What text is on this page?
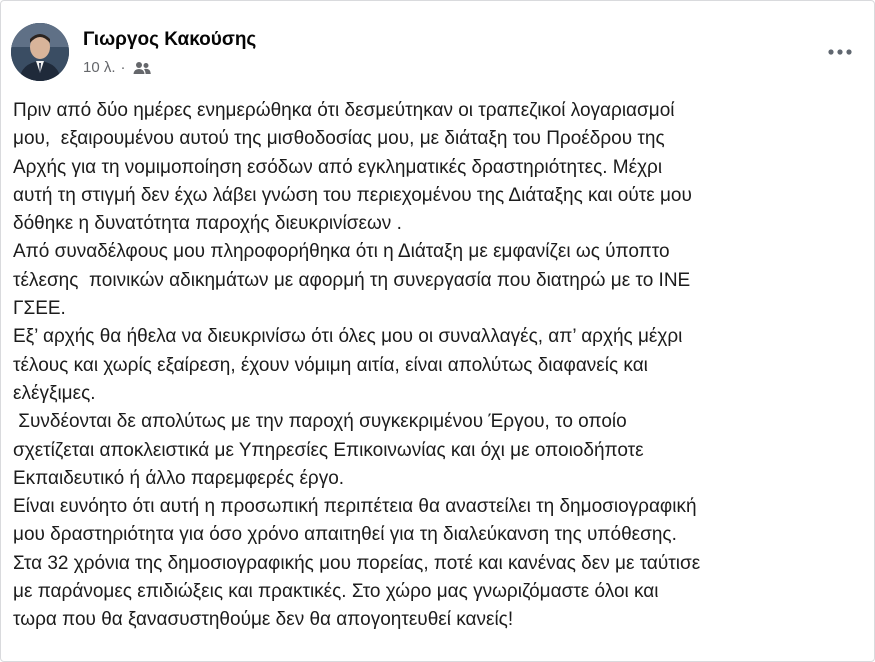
Γιωργος Κακούσης
10 λ. ·
Πριν από δύο ημέρες ενημερώθηκα ότι δεσμεύτηκαν οι τραπεζικοί λογαριασμοί
μου,  εξαιρουμένου αυτού της μισθοδοσίας μου, με διάταξη του Προέδρου της
Αρχής για τη νομιμοποίηση εσόδων από εγκληματικές δραστηριότητες. Μέχρι
αυτή τη στιγμή δεν έχω λάβει γνώση του περιεχομένου της Διάταξης και ούτε μου
δόθηκε η δυνατότητα παροχής διευκρινίσεων .
Από συναδέλφους μου πληροφορήθηκα ότι η Διάταξη με εμφανίζει ως ύποπτο
τέλεσης  ποινικών αδικημάτων με αφορμή τη συνεργασία που διατηρώ με το ΙΝΕ
ΓΣΕΕ.
Εξ’ αρχής θα ήθελα να διευκρινίσω ότι όλες μου οι συναλλαγές, απ’ αρχής μέχρι
τέλους και χωρίς εξαίρεση, έχουν νόμιμη αιτία, είναι απολύτως διαφανείς και
ελέγξιμες.
Συνδέονται δε απολύτως με την παροχή συγκεκριμένου Έργου, το οποίο
σχετίζεται αποκλειστικά με Υπηρεσίες Επικοινωνίας και όχι με οποιοδήποτε
Εκπαιδευτικό ή άλλο παρεμφερές έργο.
Είναι ευνόητο ότι αυτή η προσωπική περιπέτεια θα αναστείλει τη δημοσιογραφική
μου δραστηριότητα για όσο χρόνο απαιτηθεί για τη διαλεύκανση της υπόθεσης.
Στα 32 χρόνια της δημοσιογραφικής μου πορείας, ποτέ και κανένας δεν με ταύτισε
με παράνομες επιδιώξεις και πρακτικές. Στο χώρο μας γνωριζόμαστε όλοι και
τωρα που θα ξανασυστηθούμε δεν θα απογοητευθεί κανείς!
